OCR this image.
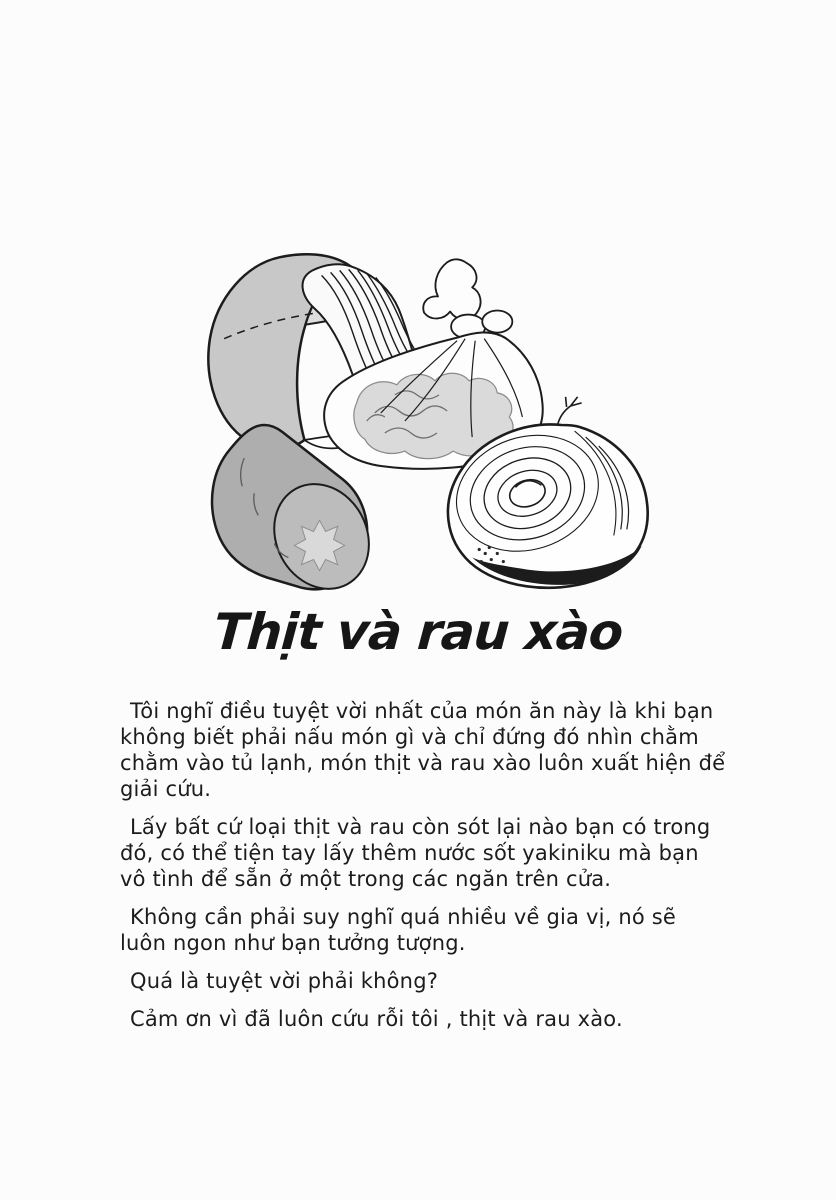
Thịt và rau xào

Tôi nghĩ điều tuyệt vời nhất của món ăn này là khi bạn không biết phải nấu món gì và chỉ đứng đó nhìn chằm chằm vào tủ lạnh, món thịt và rau xào luôn xuất hiện để giải cứu.

Lấy bất cứ loại thịt và rau còn sót lại nào bạn có trong đó, có thể tiện tay lấy thêm nước sốt yakiniku mà bạn vô tình để sẵn ở một trong các ngăn trên cửa.

Không cần phải suy nghĩ quá nhiều về gia vị, nó sẽ luôn ngon như bạn tưởng tượng.

Quá là tuyệt vời phải không?

Cảm ơn vì đã luôn cứu rỗi tôi , thịt và rau xào.
